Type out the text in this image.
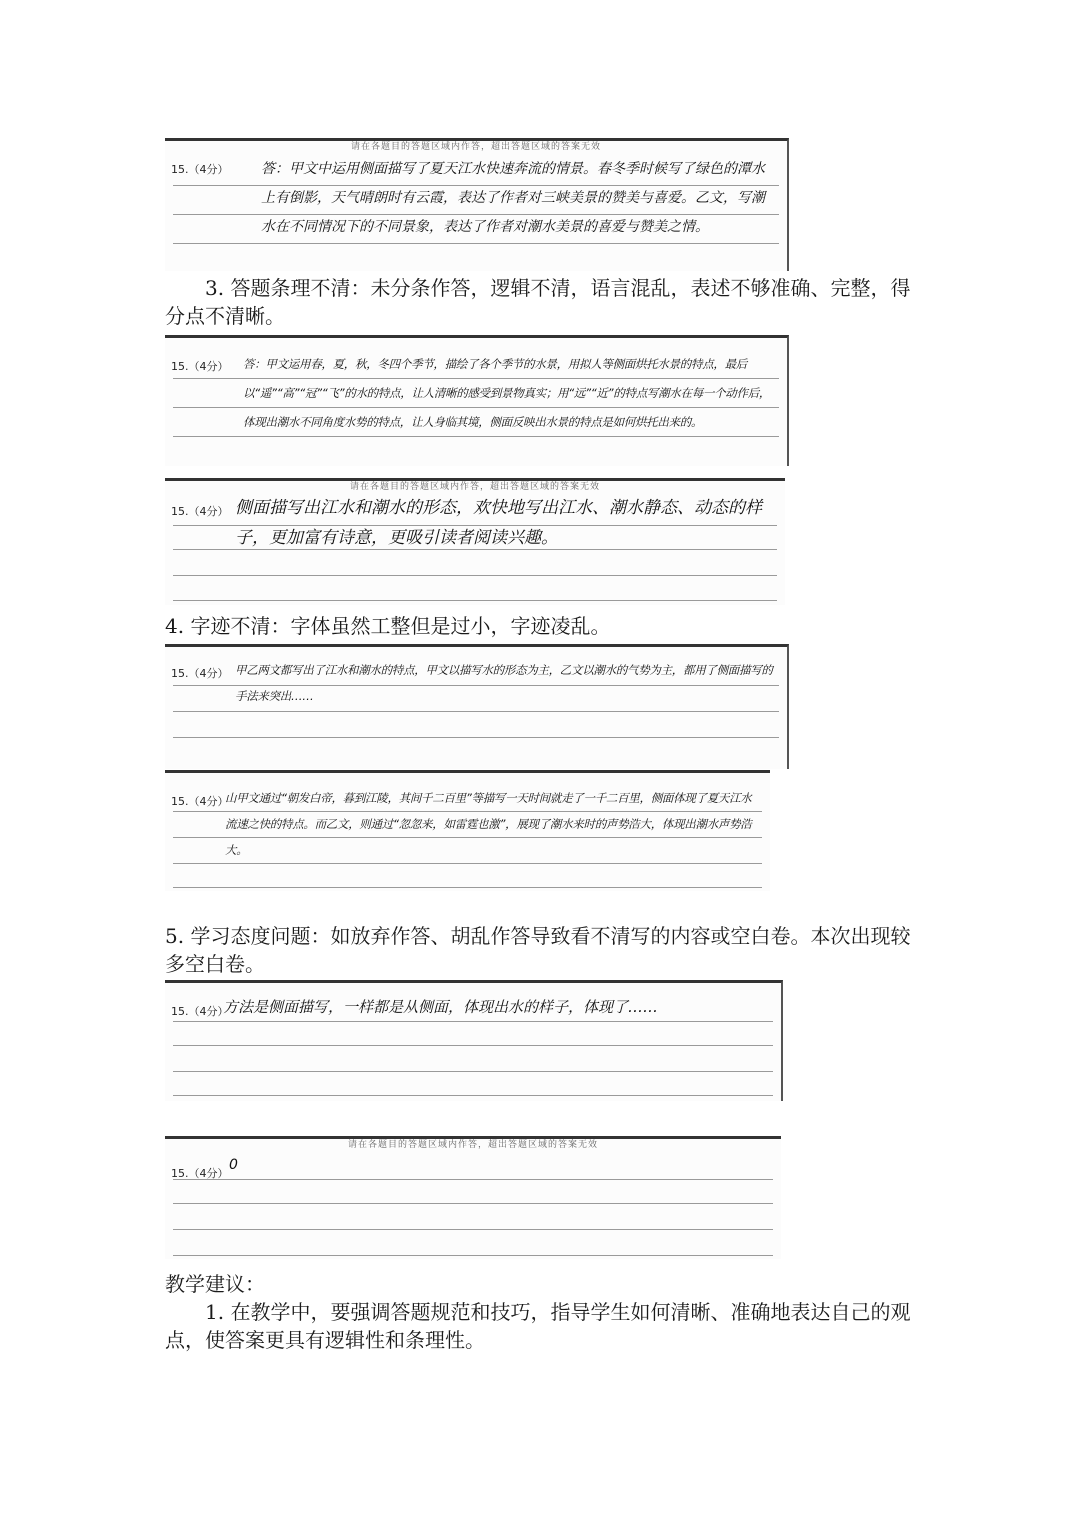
请在各题目的答题区域内作答，超出答题区域的答案无效
15.（4分）	答：甲文中运用侧面描写了夏天江水快速奔流的情景。春冬季时候写了绿色的潭水上有倒影，天气晴朗时有云霞，表达了作者对三峡美景的赞美与喜爱。乙文，写潮水在不同情况下的不同景象，表达了作者对潮水美景的喜爱与赞美之情。

3. 答题条理不清：未分条作答，逻辑不清，语言混乱，表述不够准确、完整，得分点不清晰。

15.（4分）	答：甲文运用春，夏，秋，冬四个季节，描绘了各个季节的水景，用拟人等侧面烘托水景的特点，最后以“遥”“高”“冠”“飞”的水的特点，让人清晰的感受到景物真实；用“远”“近”的特点写潮水在每一个动作后，体现出潮水不同角度水势的特点，让人身临其境，侧面反映出水景的特点是如何烘托出来的。
请在各题目的答题区域内作答，超出答题区域的答案无效
15.（4分） 侧面描写出江水和潮水的形态，欢快地写出江水、潮水静态、动态的样子，更加富有诗意，更吸引读者阅读兴趣。

4. 字迹不清：字体虽然工整但是过小，字迹凌乱。

15.（4分） 甲乙两文都写出了江水和潮水的特点，甲文以描写水的形态为主，乙文以潮水的气势为主，都用了侧面描写的手法来突出……
15.（4分）
山甲文通过“朝发白帝，暮到江陵，其间千二百里”等描写一天时间就走了一千二百里，侧面体现了夏天江水流速之快的特点。而乙文，则通过“忽忽来，如雷霆也激”，展现了潮水来时的声势浩大，体现出潮水声势浩大。

5. 学习态度问题：如放弃作答、胡乱作答导致看不清写的内容或空白卷。本次出现较多空白卷。

15.（4分）
方法是侧面描写，一样都是从侧面，体现出水的样子，体现了……
请在各题目的答题区域内作答，超出答题区域的答案无效
15.（4分）
0

教学建议：

1. 在教学中，要强调答题规范和技巧，指导学生如何清晰、准确地表达自己的观点，使答案更具有逻辑性和条理性。
